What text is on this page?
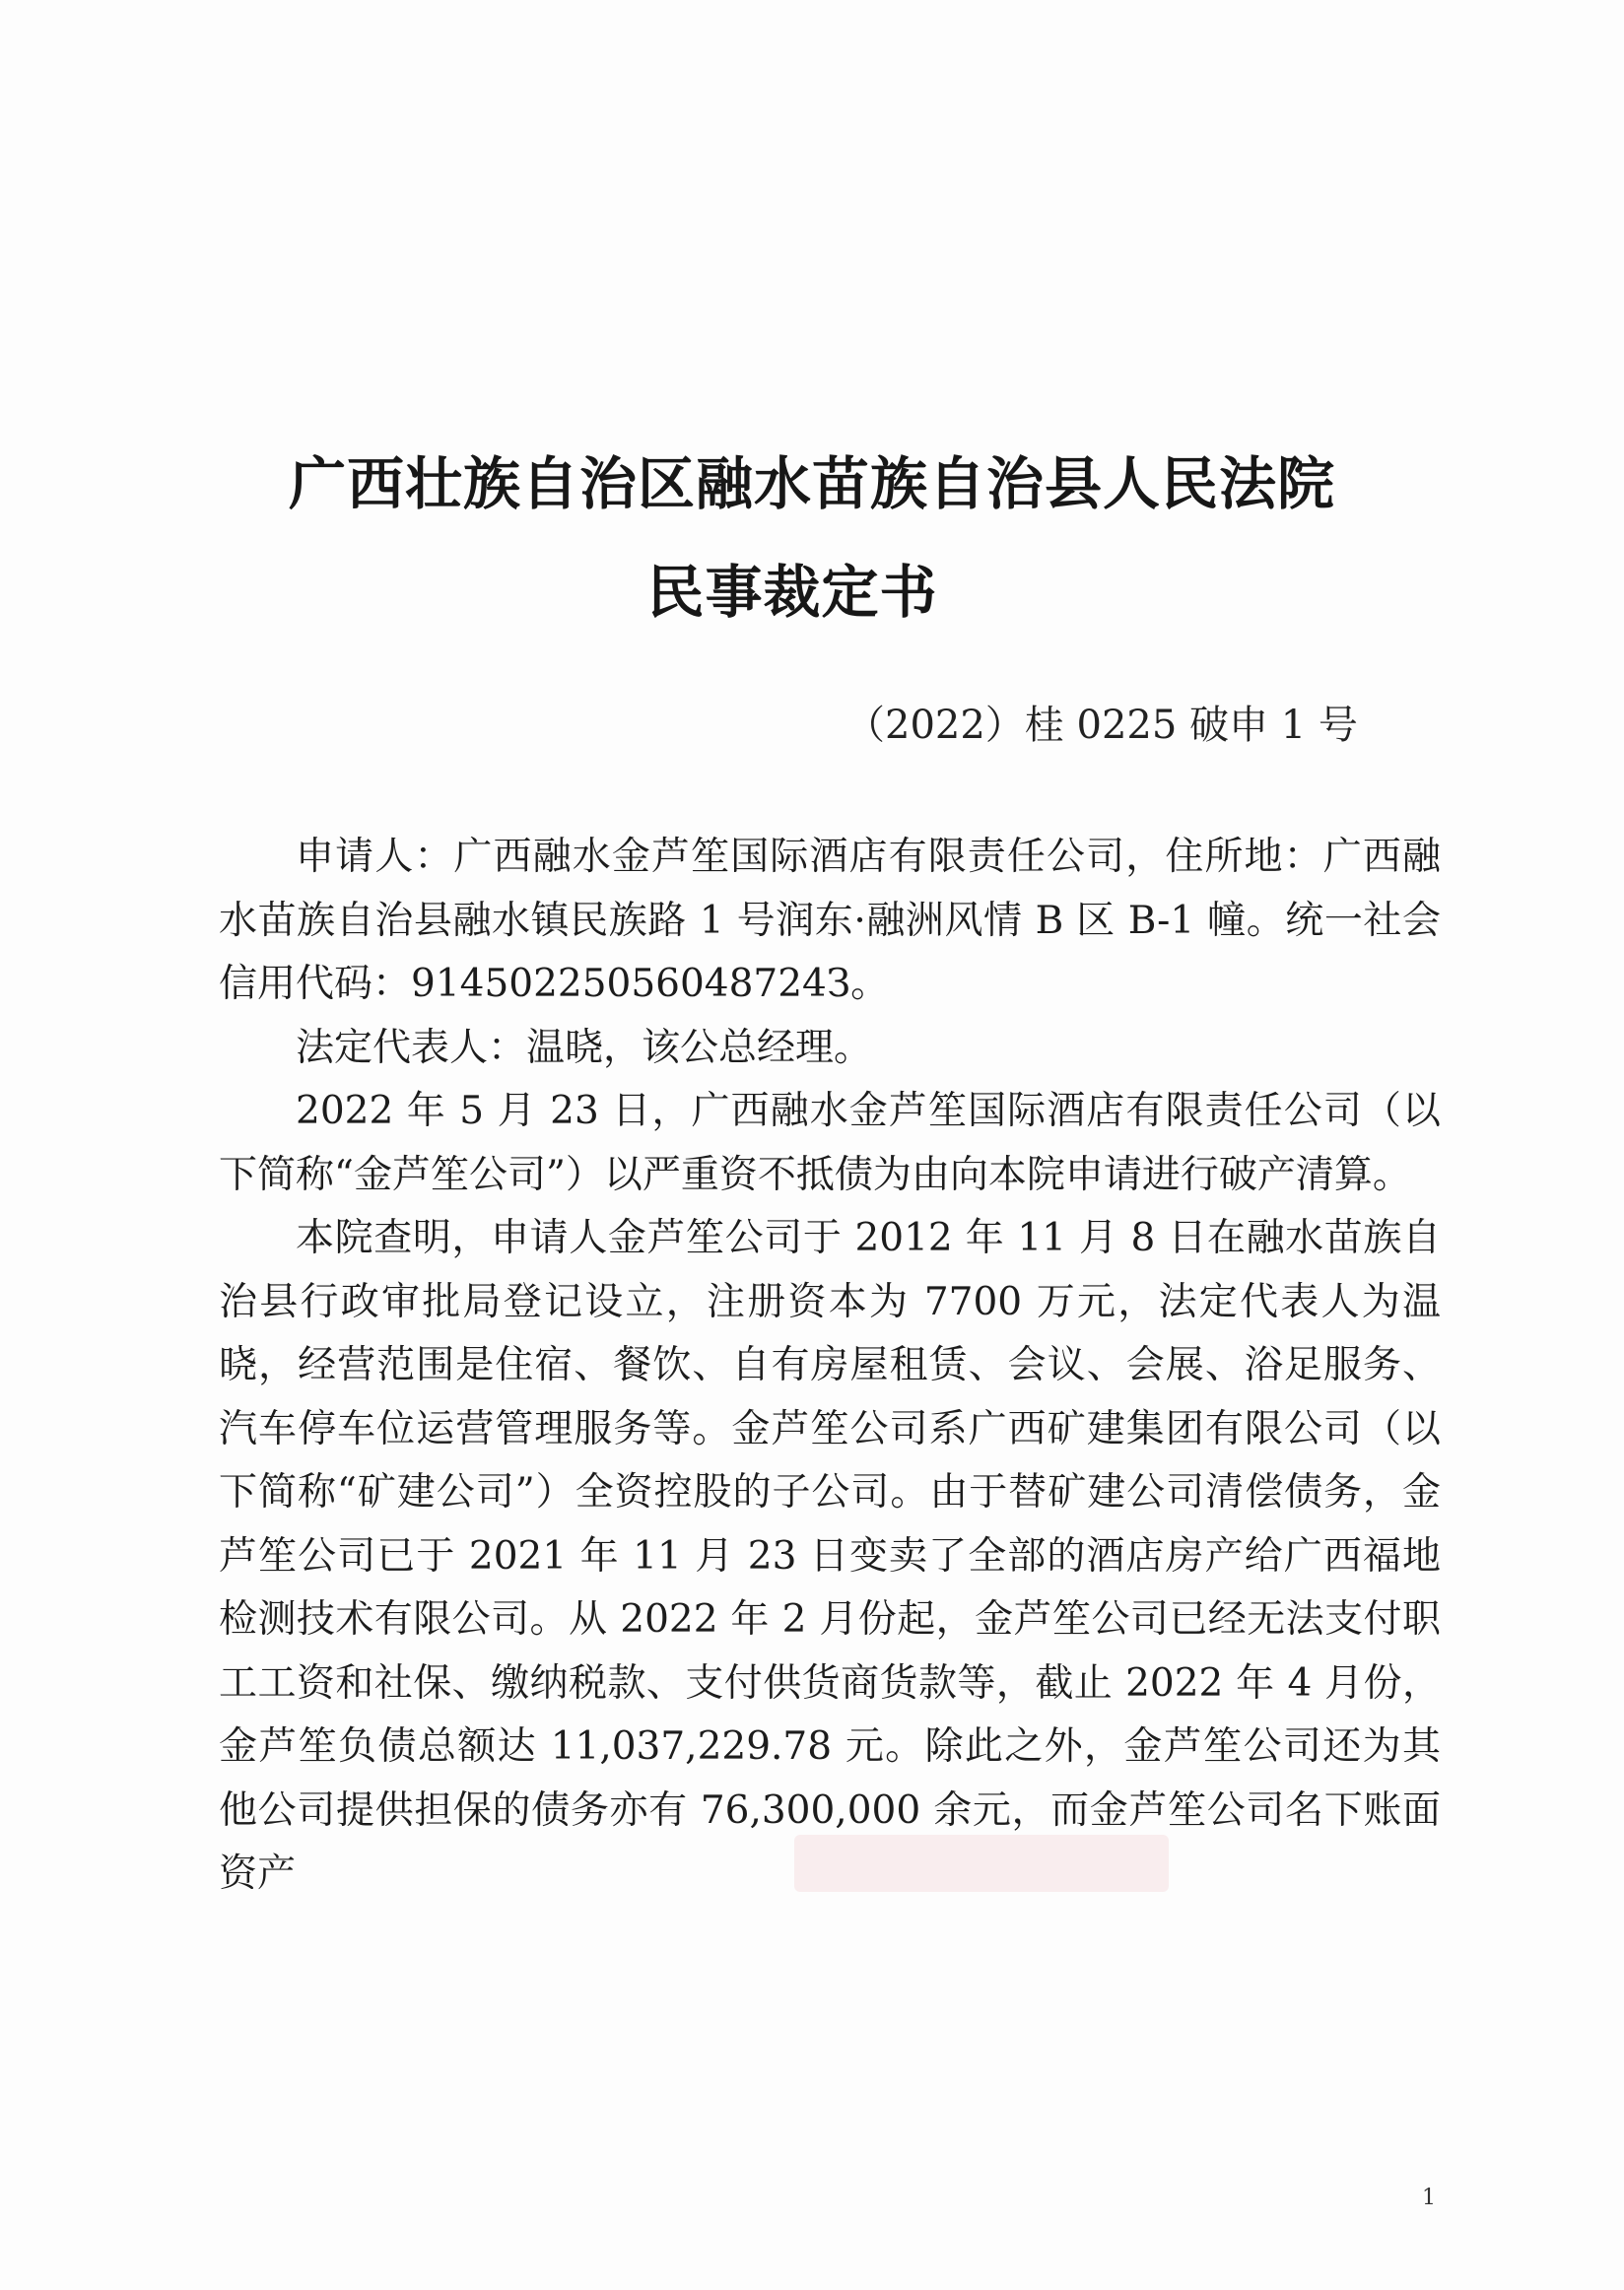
广西壮族自治区融水苗族自治县人民法院
民事裁定书
（2022）桂 0225 破申 1 号

申请人：广西融水金芦笙国际酒店有限责任公司，住所地：广西融水苗族自治县融水镇民族路 1 号润东·融洲风情 B 区 B-1 幢。统一社会信用代码：91450225056048724З。

法定代表人：温晓，该公总经理。

2022 年 5 月 23 日，广西融水金芦笙国际酒店有限责任公司（以下简称“金芦笙公司”）以严重资不抵债为由向本院申请进行破产清算。

本院查明，申请人金芦笙公司于 2012 年 11 月 8 日在融水苗族自治县行政审批局登记设立，注册资本为 7700 万元，法定代表人为温晓，经营范围是住宿、餐饮、自有房屋租赁、会议、会展、浴足服务、汽车停车位运营管理服务等。金芦笙公司系广西矿建集团有限公司（以下简称“矿建公司”）全资控股的子公司。由于替矿建公司清偿债务，金芦笙公司已于 2021 年 11 月 23 日变卖了全部的酒店房产给广西福地检测技术有限公司。从 2022 年 2 月份起，金芦笙公司已经无法支付职工工资和社保、缴纳税款、支付供货商货款等，截止 2022 年 4 月份，金芦笙负债总额达 11,037,229.78 元。除此之外，金芦笙公司还为其他公司提供担保的债务亦有 76,300,000 余元，而金芦笙公司名下账面资产

1
